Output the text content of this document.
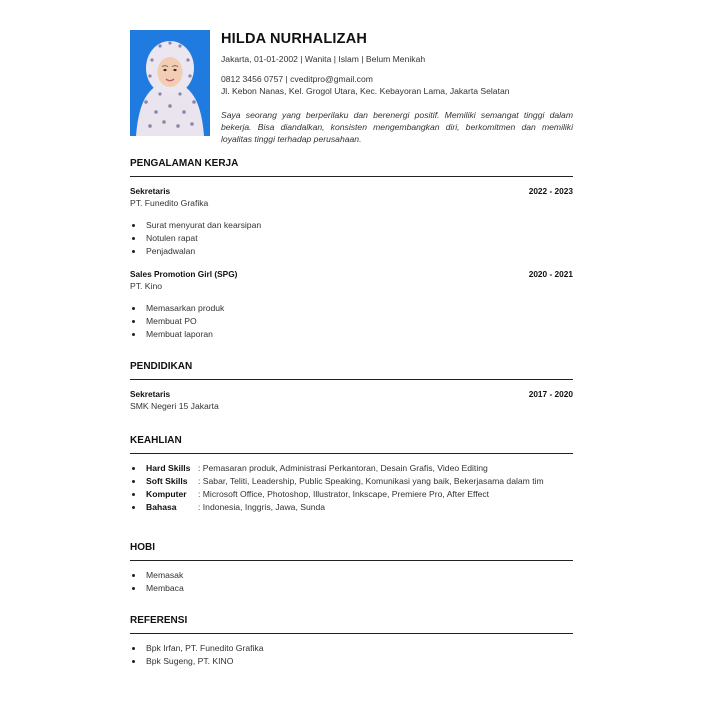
HILDA NURHALIZAH
Jakarta, 01-01-2002 | Wanita | Islam | Belum Menikah
0812 3456 0757 | cveditpro@gmail.com
Jl. Kebon Nanas, Kel. Grogol Utara, Kec. Kebayoran Lama, Jakarta Selatan
Saya seorang yang berperilaku dan berenergi positif. Memiliki semangat tinggi dalam bekerja. Bisa diandalkan, konsisten mengembangkan diri, berkomitmen dan memiliki loyalitas tinggi terhadap perusahaan.
PENGALAMAN KERJA
Sekretaris	2022 - 2023
PT. Funedito Grafika
Surat menyurat dan kearsipan
Notulen rapat
Penjadwalan
Sales Promotion Girl (SPG)	2020 - 2021
PT. Kino
Memasarkan produk
Membuat PO
Membuat laporan
PENDIDIKAN
Sekretaris	2017 - 2020
SMK Negeri 15 Jakarta
KEAHLIAN
Hard Skills : Pemasaran produk, Administrasi Perkantoran, Desain Grafis, Video Editing
Soft Skills : Sabar, Teliti, Leadership, Public Speaking, Komunikasi yang baik, Bekerjasama dalam tim
Komputer : Microsoft Office, Photoshop, Illustrator, Inkscape, Premiere Pro, After Effect
Bahasa : Indonesia, Inggris, Jawa, Sunda
HOBI
Memasak
Membaca
REFERENSI
Bpk Irfan, PT. Funedito Grafika
Bpk Sugeng, PT. KINO
